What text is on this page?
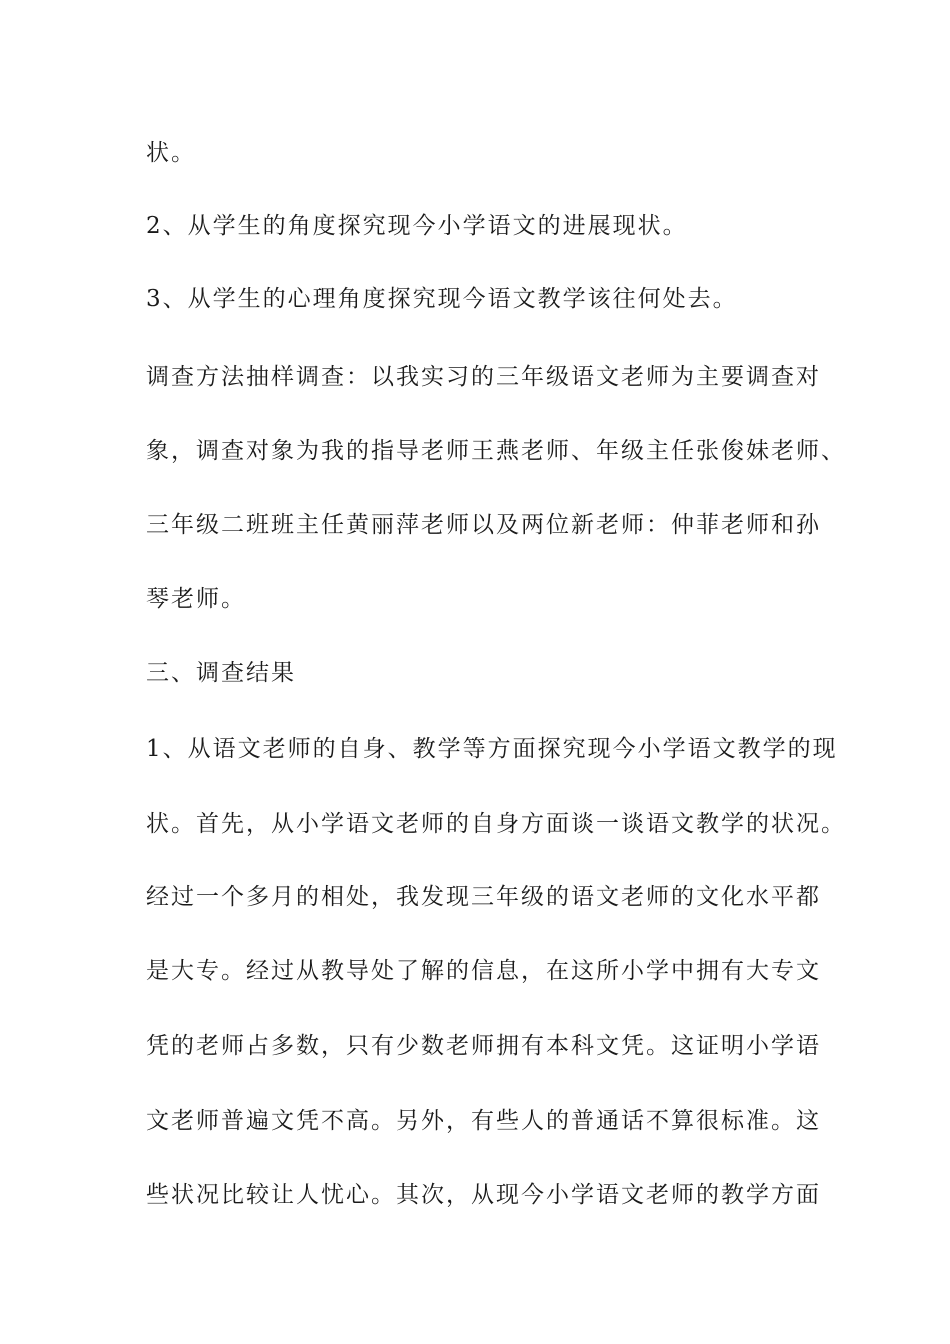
状。
2、从学生的角度探究现今小学语文的进展现状。
3、从学生的心理角度探究现今语文教学该往何处去。
调查方法抽样调查：以我实习的三年级语文老师为主要调查对
象，调查对象为我的指导老师王燕老师、年级主任张俊妹老师、
三年级二班班主任黄丽萍老师以及两位新老师：仲菲老师和孙
琴老师。
三、调查结果
1、从语文老师的自身、教学等方面探究现今小学语文教学的现
状。首先，从小学语文老师的自身方面谈一谈语文教学的状况。
经过一个多月的相处，我发现三年级的语文老师的文化水平都
是大专。经过从教导处了解的信息，在这所小学中拥有大专文
凭的老师占多数，只有少数老师拥有本科文凭。这证明小学语
文老师普遍文凭不高。另外，有些人的普通话不算很标准。这
些状况比较让人忧心。其次，从现今小学语文老师的教学方面
